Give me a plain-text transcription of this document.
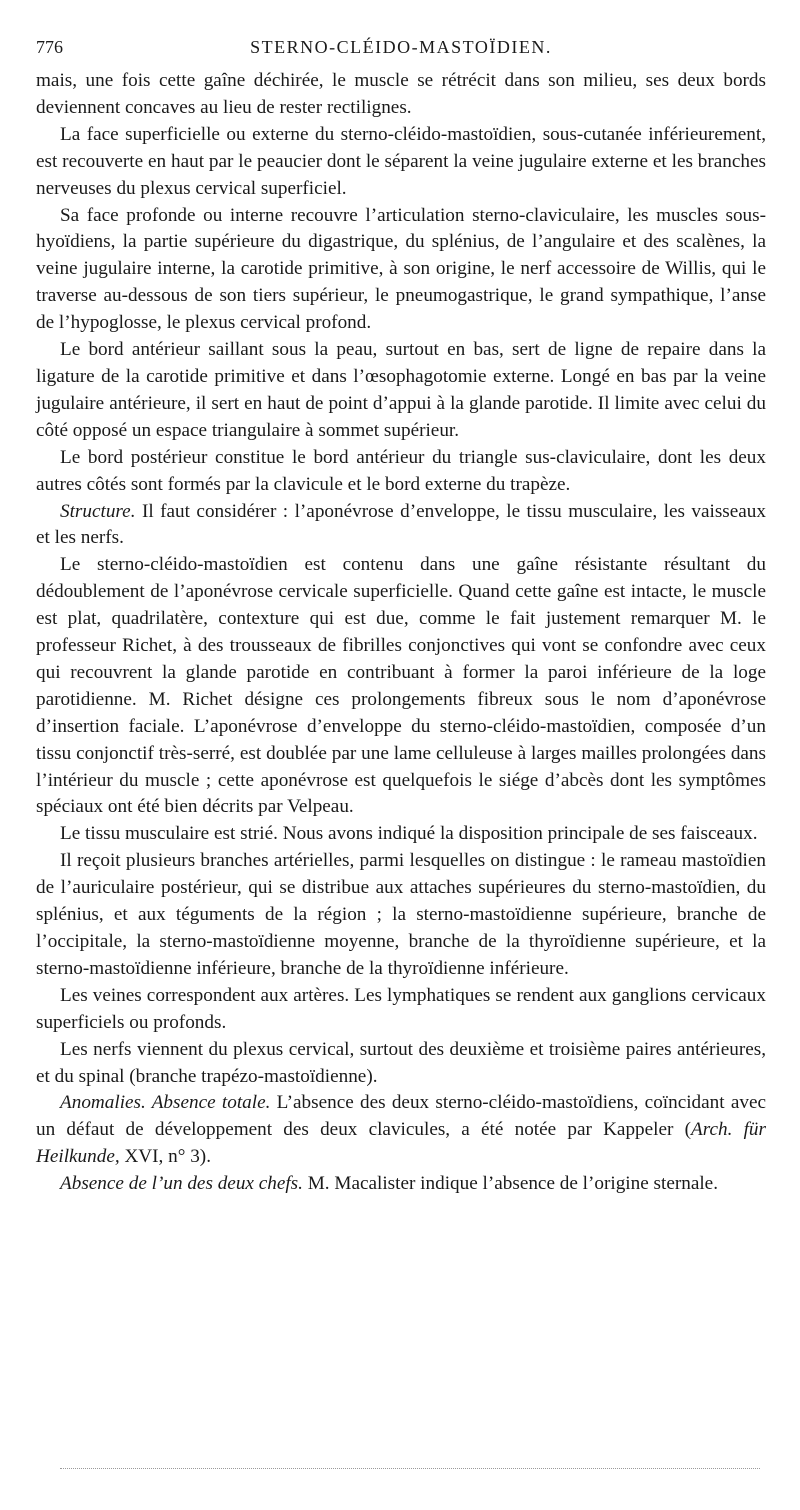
776	STERNO-CLÉIDO-MASTOÏDIEN.

mais, une fois cette gaîne déchirée, le muscle se rétrécit dans son milieu, ses deux bords deviennent concaves au lieu de rester rectilignes.

La face superficielle ou externe du sterno-cléido-mastoïdien, sous-cutanée inférieurement, est recouverte en haut par le peaucier dont le séparent la veine jugulaire externe et les branches nerveuses du plexus cervical superficiel.

Sa face profonde ou interne recouvre l’articulation sterno-claviculaire, les muscles sous-hyoïdiens, la partie supérieure du digastrique, du splénius, de l’angulaire et des scalènes, la veine jugulaire interne, la carotide primitive, à son origine, le nerf accessoire de Willis, qui le traverse au-dessous de son tiers supérieur, le pneumogastrique, le grand sympathique, l’anse de l’hypoglosse, le plexus cervical profond.

Le bord antérieur saillant sous la peau, surtout en bas, sert de ligne de repaire dans la ligature de la carotide primitive et dans l’œsophagotomie externe. Longé en bas par la veine jugulaire antérieure, il sert en haut de point d’appui à la glande parotide. Il limite avec celui du côté opposé un espace triangulaire à sommet supérieur.

Le bord postérieur constitue le bord antérieur du triangle sus-claviculaire, dont les deux autres côtés sont formés par la clavicule et le bord externe du trapèze.

Structure. Il faut considérer : l’aponévrose d’enveloppe, le tissu musculaire, les vaisseaux et les nerfs.

Le sterno-cléido-mastoïdien est contenu dans une gaîne résistante résultant du dédoublement de l’aponévrose cervicale superficielle. Quand cette gaîne est intacte, le muscle est plat, quadrilatère, contexture qui est due, comme le fait justement remarquer M. le professeur Richet, à des trousseaux de fibrilles conjonctives qui vont se confondre avec ceux qui recouvrent la glande parotide en contribuant à former la paroi inférieure de la loge parotidienne. M. Richet désigne ces prolongements fibreux sous le nom d’aponévrose d’insertion faciale. L’aponévrose d’enveloppe du sterno-cléido-mastoïdien, composée d’un tissu conjonctif très-serré, est doublée par une lame celluleuse à larges mailles prolongées dans l’intérieur du muscle ; cette aponévrose est quelquefois le siége d’abcès dont les symptômes spéciaux ont été bien décrits par Velpeau.

Le tissu musculaire est strié. Nous avons indiqué la disposition principale de ses faisceaux.

Il reçoit plusieurs branches artérielles, parmi lesquelles on distingue : le rameau mastoïdien de l’auriculaire postérieur, qui se distribue aux attaches supérieures du sterno-mastoïdien, du splénius, et aux téguments de la région ; la sterno-mastoïdienne supérieure, branche de l’occipitale, la sterno-mastoïdienne moyenne, branche de la thyroïdienne supérieure, et la sterno-mastoïdienne inférieure, branche de la thyroïdienne inférieure.

Les veines correspondent aux artères. Les lymphatiques se rendent aux ganglions cervicaux superficiels ou profonds.

Les nerfs viennent du plexus cervical, surtout des deuxième et troisième paires antérieures, et du spinal (branche trapézo-mastoïdienne).

Anomalies. Absence totale. L’absence des deux sterno-cléido-mastoïdiens, coïncidant avec un défaut de développement des deux clavicules, a été notée par Kappeler (Arch. für Heilkunde, XVI, n° 3).

Absence de l’un des deux chefs. M. Macalister indique l’absence de l’origine sternale.
